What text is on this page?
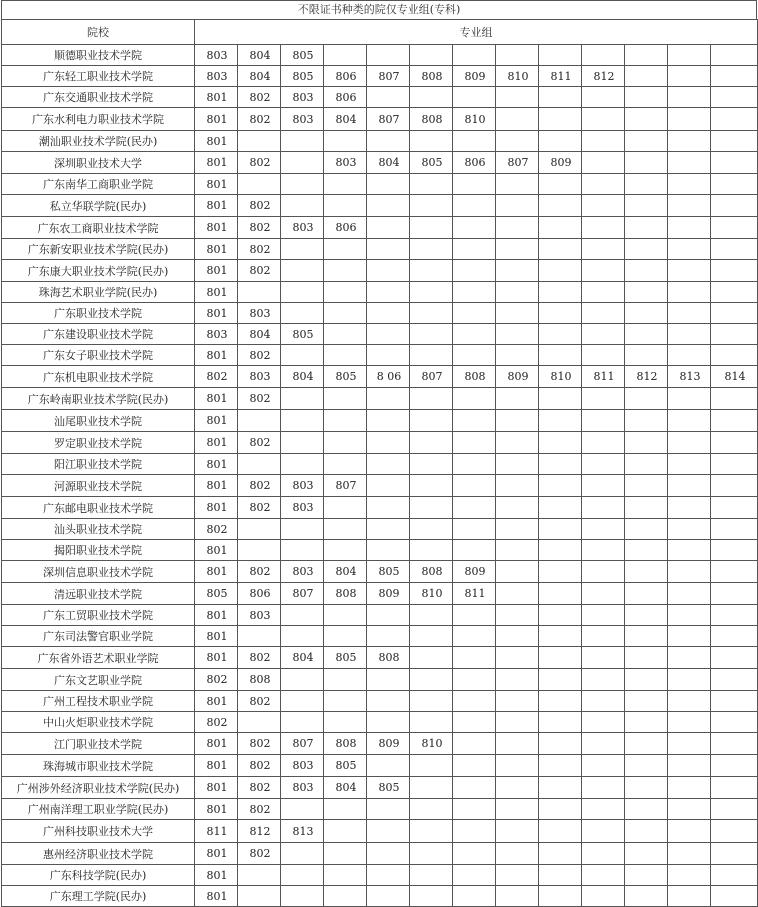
不限证书种类的院仅专业组(专科)
院校	专业组												
顺德职业技术学院	803	804	805										
广东轻工职业技术学院	803	804	805	806	807	808	809	810	811	812			
广东交通职业技术学院	801	802	803	806									
广东水利电力职业技术学院	801	802	803	804	807	808	810						
潮汕职业技术学院(民办)	801												
深圳职业技术大学	801	802		803	804	805	806	807	809				
广东南华工商职业学院	801												
私立华联学院(民办)	801	802											
广东农工商职业技术学院	801	802	803	806									
广东新安职业技术学院(民办)	801	802											
广东康大职业技术学院(民办)	801	802											
珠海艺术职业学院(民办)	801												
广东职业技术学院	801	803											
广东建设职业技术学院	803	804	805										
广东女子职业技术学院	801	802											
广东机电职业技术学院	802	803	804	805	8 06	807	808	809	810	811	812	813	814
广东岭南职业技术学院(民办)	801	802											
汕尾职业技术学院	801												
罗定职业技术学院	801	802											
阳江职业技术学院	801												
河源职业技术学院	801	802	803	807									
广东邮电职业技术学院	801	802	803										
汕头职业技术学院	802												
揭阳职业技术学院	801												
深圳信息职业技术学院	801	802	803	804	805	808	809						
清远职业技术学院	805	806	807	808	809	810	811						
广东工贸职业技术学院	801	803											
广东司法警官职业学院	801												
广东省外语艺术职业学院	801	802	804	805	808								
广东文艺职业学院	802	808											
广州工程技术职业学院	801	802											
中山火炬职业技术学院	802												
江门职业技术学院	801	802	807	808	809	810							
珠海城市职业技术学院	801	802	803	805									
广州涉外经济职业技术学院(民办)	801	802	803	804	805								
广州南洋理工职业学院(民办)	801	802											
广州科技职业技术大学	811	812	813										
惠州经济职业技术学院	801	802											
广东科技学院(民办)	801												
广东理工学院(民办)	801												
